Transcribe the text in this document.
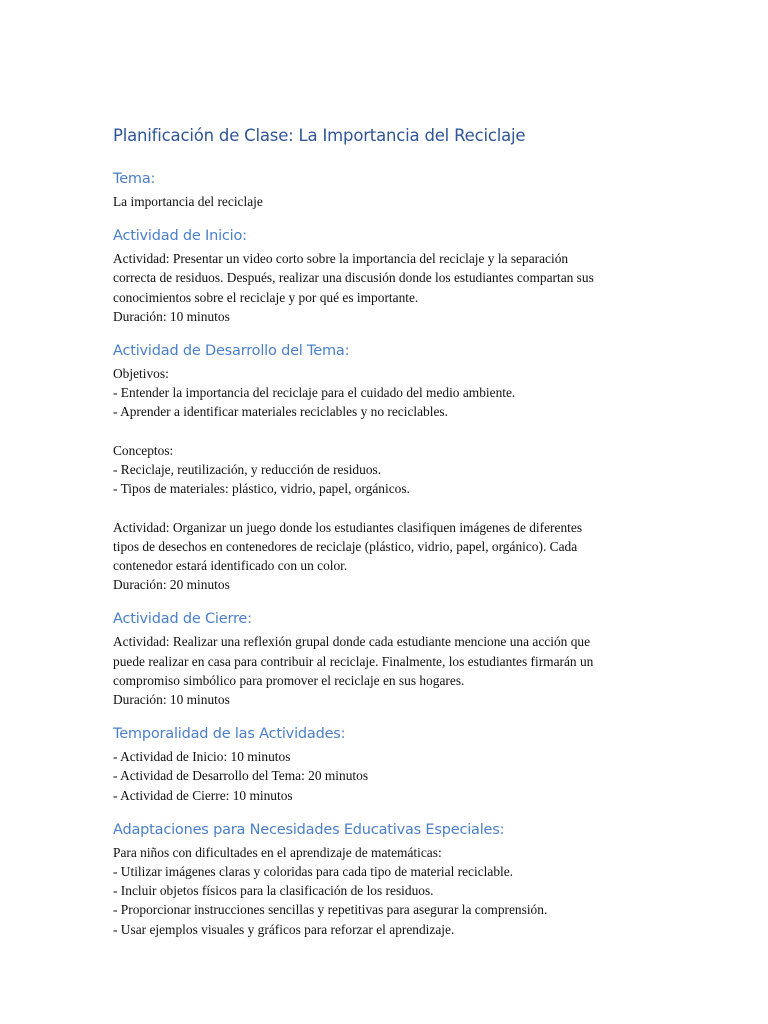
Planificación de Clase: La Importancia del Reciclaje
Tema:
La importancia del reciclaje
Actividad de Inicio:
Actividad: Presentar un video corto sobre la importancia del reciclaje y la separación
correcta de residuos. Después, realizar una discusión donde los estudiantes compartan sus
conocimientos sobre el reciclaje y por qué es importante.
Duración: 10 minutos
Actividad de Desarrollo del Tema:
Objetivos:
- Entender la importancia del reciclaje para el cuidado del medio ambiente.
- Aprender a identificar materiales reciclables y no reciclables.
Conceptos:
- Reciclaje, reutilización, y reducción de residuos.
- Tipos de materiales: plástico, vidrio, papel, orgánicos.
Actividad: Organizar un juego donde los estudiantes clasifiquen imágenes de diferentes
tipos de desechos en contenedores de reciclaje (plástico, vidrio, papel, orgánico). Cada
contenedor estará identificado con un color.
Duración: 20 minutos
Actividad de Cierre:
Actividad: Realizar una reflexión grupal donde cada estudiante mencione una acción que
puede realizar en casa para contribuir al reciclaje. Finalmente, los estudiantes firmarán un
compromiso simbólico para promover el reciclaje en sus hogares.
Duración: 10 minutos
Temporalidad de las Actividades:
- Actividad de Inicio: 10 minutos
- Actividad de Desarrollo del Tema: 20 minutos
- Actividad de Cierre: 10 minutos
Adaptaciones para Necesidades Educativas Especiales:
Para niños con dificultades en el aprendizaje de matemáticas:
- Utilizar imágenes claras y coloridas para cada tipo de material reciclable.
- Incluir objetos físicos para la clasificación de los residuos.
- Proporcionar instrucciones sencillas y repetitivas para asegurar la comprensión.
- Usar ejemplos visuales y gráficos para reforzar el aprendizaje.
